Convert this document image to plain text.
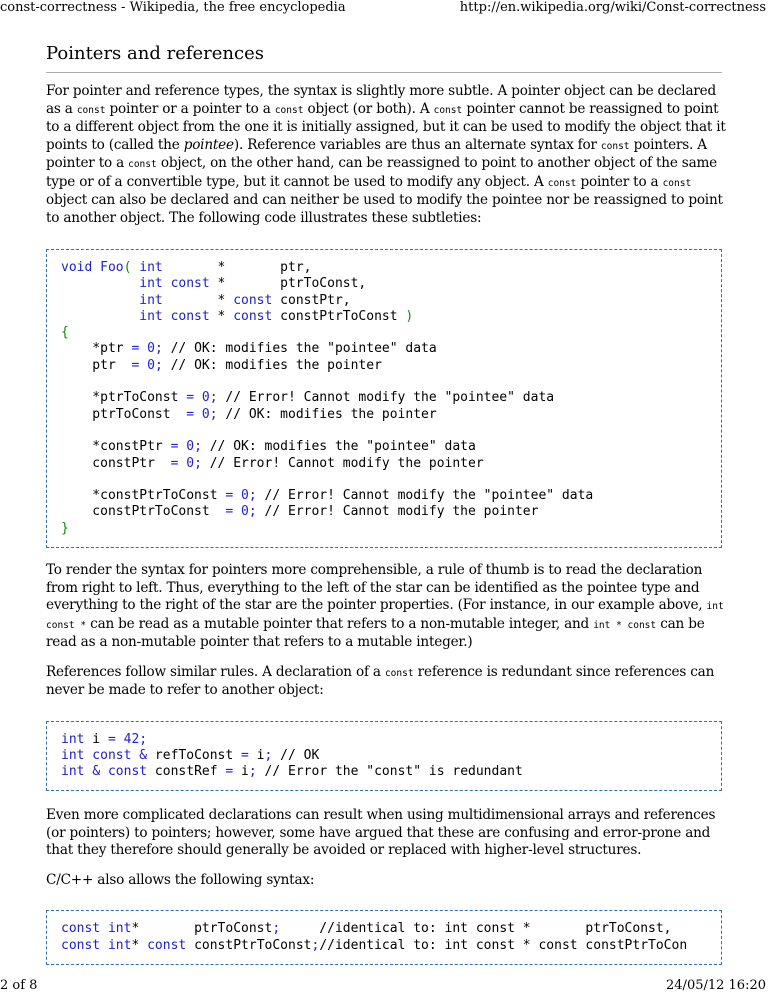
const-correctness - Wikipedia, the free encyclopedia	http://en.wikipedia.org/wiki/Const-correctness
Pointers and references

For pointer and reference types, the syntax is slightly more subtle. A pointer object can be declared as a const pointer or a pointer to a const object (or both). A const pointer cannot be reassigned to point to a different object from the one it is initially assigned, but it can be used to modify the object that it points to (called the pointee). Reference variables are thus an alternate syntax for const pointers. A pointer to a const object, on the other hand, can be reassigned to point to another object of the same type or of a convertible type, but it cannot be used to modify any object. A const pointer to a const object can also be declared and can neither be used to modify the pointee nor be reassigned to point to another object. The following code illustrates these subtleties:

void Foo( int       *       ptr,
int const *       ptrToConst,
int       * const constPtr,
int const * const constPtrToConst )
{
*ptr = 0; // OK: modifies the "pointee" data
ptr  = 0; // OK: modifies the pointer

*ptrToConst = 0; // Error! Cannot modify the "pointee" data
ptrToConst  = 0; // OK: modifies the pointer

*constPtr = 0; // OK: modifies the "pointee" data
constPtr  = 0; // Error! Cannot modify the pointer

*constPtrToConst = 0; // Error! Cannot modify the "pointee" data
constPtrToConst  = 0; // Error! Cannot modify the pointer
}

To render the syntax for pointers more comprehensible, a rule of thumb is to read the declaration from right to left. Thus, everything to the left of the star can be identified as the pointee type and everything to the right of the star are the pointer properties. (For instance, in our example above, int const * can be read as a mutable pointer that refers to a non-mutable integer, and int * const can be read as a non-mutable pointer that refers to a mutable integer.)

References follow similar rules. A declaration of a const reference is redundant since references can never be made to refer to another object:

int i = 42;
int const & refToConst = i; // OK
int & const constRef = i; // Error the "const" is redundant

Even more complicated declarations can result when using multidimensional arrays and references (or pointers) to pointers; however, some have argued that these are confusing and error-prone and that they therefore should generally be avoided or replaced with higher-level structures.

C/C++ also allows the following syntax:

const int*       ptrToConst;     //identical to: int const *       ptrToConst,
const int* const constPtrToConst;//identical to: int const * const constPtrToCon
2 of 8	24/05/12 16:20
